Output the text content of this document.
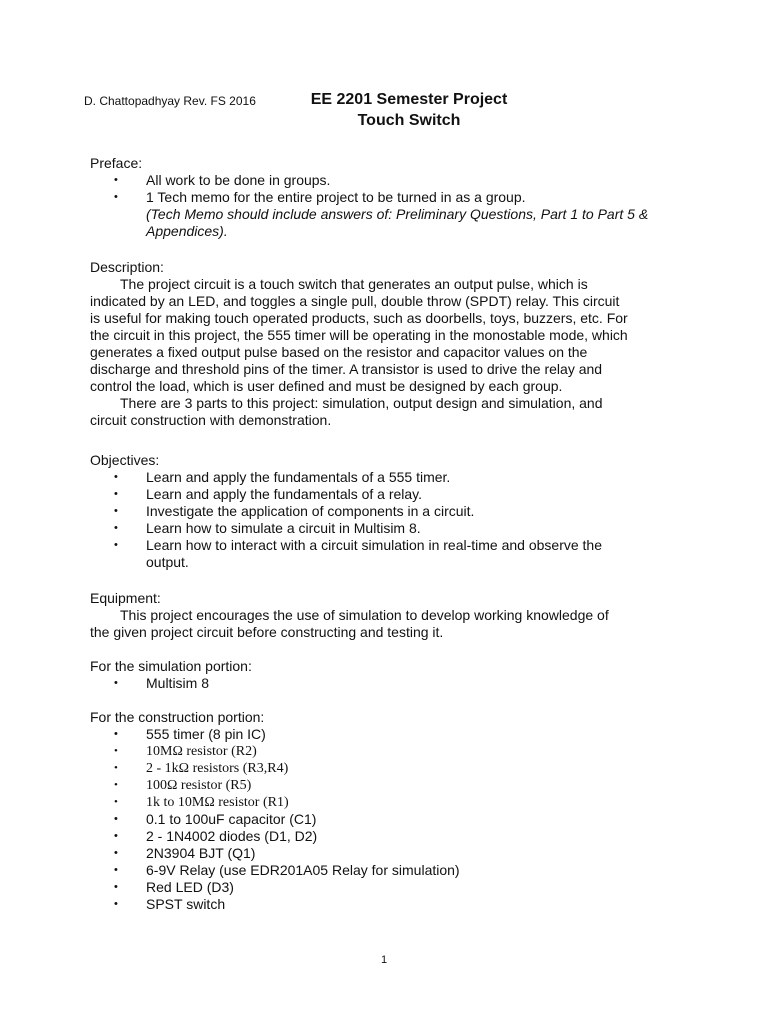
D. Chattopadhyay Rev. FS 2016	EE 2201 Semester Project
Touch Switch

Preface:

• All work to be done in groups.
• 1 Tech memo for the entire project to be turned in as a group.
(Tech Memo should include answers of: Preliminary Questions, Part 1 to Part 5 &
Appendices).

Description:

The project circuit is a touch switch that generates an output pulse, which is
indicated by an LED, and toggles a single pull, double throw (SPDT) relay. This circuit
is useful for making touch operated products, such as doorbells, toys, buzzers, etc. For
the circuit in this project, the 555 timer will be operating in the monostable mode, which
generates a fixed output pulse based on the resistor and capacitor values on the
discharge and threshold pins of the timer. A transistor is used to drive the relay and
control the load, which is user defined and must be designed by each group.
There are 3 parts to this project: simulation, output design and simulation, and
circuit construction with demonstration.

Objectives:

• Learn and apply the fundamentals of a 555 timer.
• Learn and apply the fundamentals of a relay.
• Investigate the application of components in a circuit.
• Learn how to simulate a circuit in Multisim 8.
• Learn how to interact with a circuit simulation in real-time and observe the
output.

Equipment:

This project encourages the use of simulation to develop working knowledge of
the given project circuit before constructing and testing it.

For the simulation portion:

• Multisim 8

For the construction portion:

• 555 timer (8 pin IC)
• 10MΩ resistor (R2)
• 2 - 1kΩ resistors (R3,R4)
• 100Ω resistor (R5)
• 1k to 10MΩ resistor (R1)
• 0.1 to 100uF capacitor (C1)
• 2 - 1N4002 diodes (D1, D2)
• 2N3904 BJT (Q1)
• 6-9V Relay (use EDR201A05 Relay for simulation)
• Red LED (D3)
• SPST switch
1
